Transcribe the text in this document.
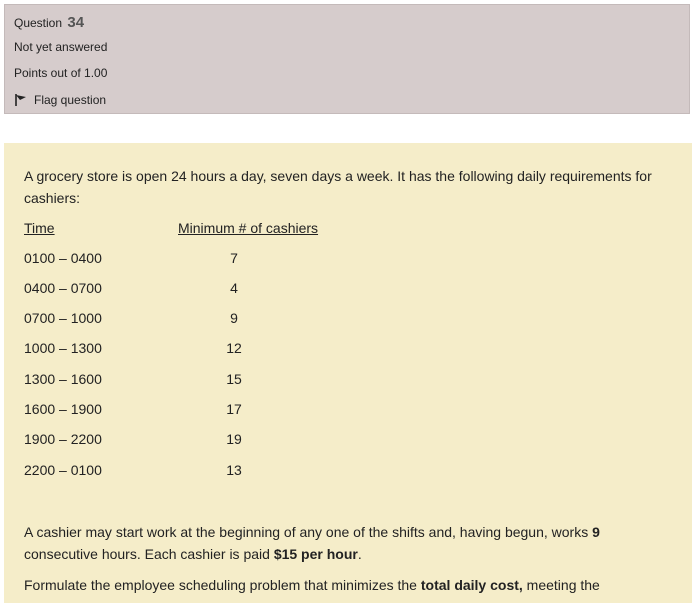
Question 34
Not yet answered
Points out of 1.00
Flag question
A grocery store is open 24 hours a day, seven days a week. It has the following daily requirements for cashiers:
Time	Minimum # of cashiers
0100 – 0400	7
0400 – 0700	4
0700 – 1000	9
1000 – 1300	12
1300 – 1600	15
1600 – 1900	17
1900 – 2200	19
2200 – 0100	13
A cashier may start work at the beginning of any one of the shifts and, having begun, works 9 consecutive hours. Each cashier is paid $15 per hour.
Formulate the employee scheduling problem that minimizes the total daily cost, meeting the
